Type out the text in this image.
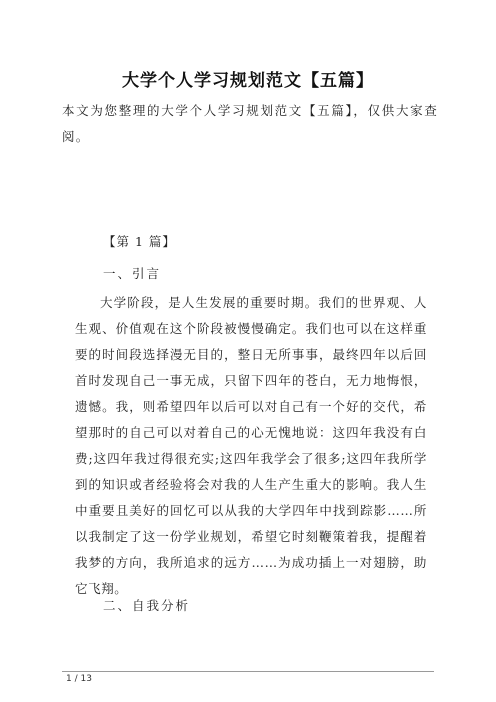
大学个人学习规划范文【五篇】

本文为您整理的大学个人学习规划范文【五篇】，仅供大家查阅。

【第 1 篇】
一、引言

大学阶段，是人生发展的重要时期。我们的世界观、人生观、价值观在这个阶段被慢慢确定。我们也可以在这样重要的时间段选择漫无目的，整日无所事事，最终四年以后回首时发现自己一事无成，只留下四年的苍白，无力地悔恨，遗憾。我，则希望四年以后可以对自己有一个好的交代，希望那时的自己可以对着自己的心无愧地说：这四年我没有白费;这四年我过得很充实;这四年我学会了很多;这四年我所学到的知识或者经验将会对我的人生产生重大的影响。我人生中重要且美好的回忆可以从我的大学四年中找到踪影……所以我制定了这一份学业规划，希望它时刻鞭策着我，提醒着我梦的方向，我所追求的远方……为成功插上一对翅膀，助它飞翔。

二、自我分析
1 / 13
